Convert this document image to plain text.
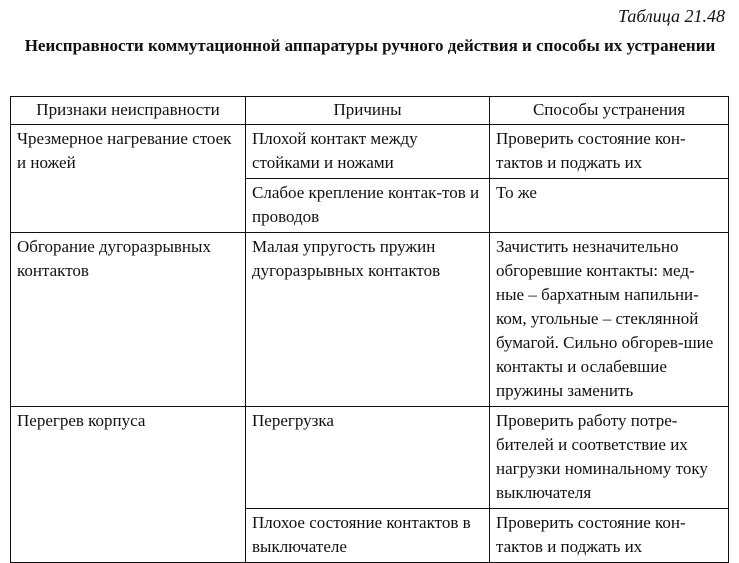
Таблица 21.48
Неисправности коммутационной аппаратуры ручного действия и способы их устранении
Признаки неисправности	Причины	Способы устранения
Чрезмерное нагревание стоек и ножей	Плохой контакт между стойками и ножами	Проверить состояние кон-тактов и поджать их
	Слабое крепление контак-тов и проводов	То же
Обгорание дугоразрывных контактов	Малая упругость пружин дугоразрывных контактов	Зачистить незначительно обгоревшие контакты: мед-ные – бархатным напильни-ком, угольные – стеклянной бумагой. Сильно обгорев-шие контакты и ослабевшие пружины заменить
Перегрев корпуса	Перегрузка	Проверить работу потре-бителей и соответствие их нагрузки номинальному току выключателя
	Плохое состояние контактов в выключателе	Проверить состояние кон-тактов и поджать их
